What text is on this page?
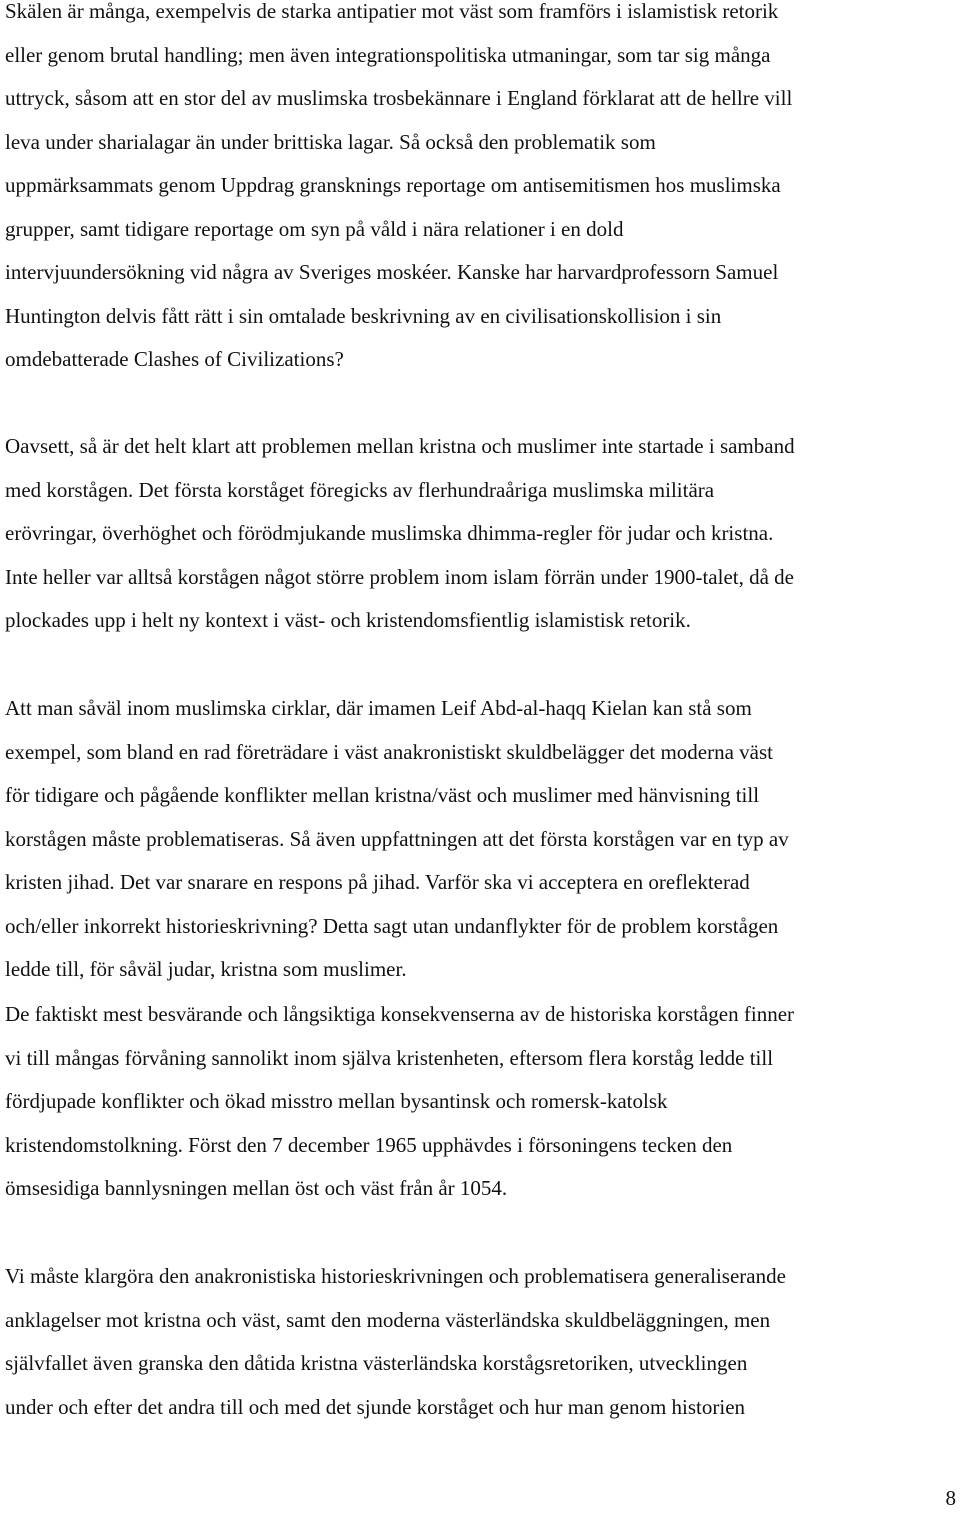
Skälen är många, exempelvis de starka antipatier mot väst som framförs i islamistisk retorik
eller genom brutal handling; men även integrationspolitiska utmaningar, som tar sig många
uttryck, såsom att en stor del av muslimska trosbekännare i England förklarat att de hellre vill
leva under sharialagar än under brittiska lagar. Så också den problematik som
uppmärksammats genom Uppdrag gransknings reportage om antisemitismen hos muslimska
grupper, samt tidigare reportage om syn på våld i nära relationer i en dold
intervjuundersökning vid några av Sveriges moskéer. Kanske har harvardprofessorn Samuel
Huntington delvis fått rätt i sin omtalade beskrivning av en civilisationskollision i sin
omdebatterade Clashes of Civilizations?
Oavsett, så är det helt klart att problemen mellan kristna och muslimer inte startade i samband
med korstågen. Det första korståget föregicks av flerhundraåriga muslimska militära
erövringar, överhöghet och förödmjukande muslimska dhimma-regler för judar och kristna.
Inte heller var alltså korstågen något större problem inom islam förrän under 1900-talet, då de
plockades upp i helt ny kontext i väst- och kristendomsfientlig islamistisk retorik.
Att man såväl inom muslimska cirklar, där imamen Leif Abd-al-haqq Kielan kan stå som
exempel, som bland en rad företrädare i väst anakronistiskt skuldbelägger det moderna väst
för tidigare och pågående konflikter mellan kristna/väst och muslimer med hänvisning till
korstågen måste problematiseras. Så även uppfattningen att det första korstågen var en typ av
kristen jihad. Det var snarare en respons på jihad. Varför ska vi acceptera en oreflekterad
och/eller inkorrekt historieskrivning? Detta sagt utan undanflykter för de problem korstågen
ledde till, för såväl judar, kristna som muslimer.
De faktiskt mest besvärande och långsiktiga konsekvenserna av de historiska korstågen finner
vi till mångas förvåning sannolikt inom själva kristenheten, eftersom flera korståg ledde till
fördjupade konflikter och ökad misstro mellan bysantinsk och romersk-katolsk
kristendomstolkning. Först den 7 december 1965 upphävdes i försoningens tecken den
ömsesidiga bannlysningen mellan öst och väst från år 1054.
Vi måste klargöra den anakronistiska historieskrivningen och problematisera generaliserande
anklagelser mot kristna och väst, samt den moderna västerländska skuldbeläggningen, men
självfallet även granska den dåtida kristna västerländska korstågsretoriken, utvecklingen
under och efter det andra till och med det sjunde korståget och hur man genom historien
8
